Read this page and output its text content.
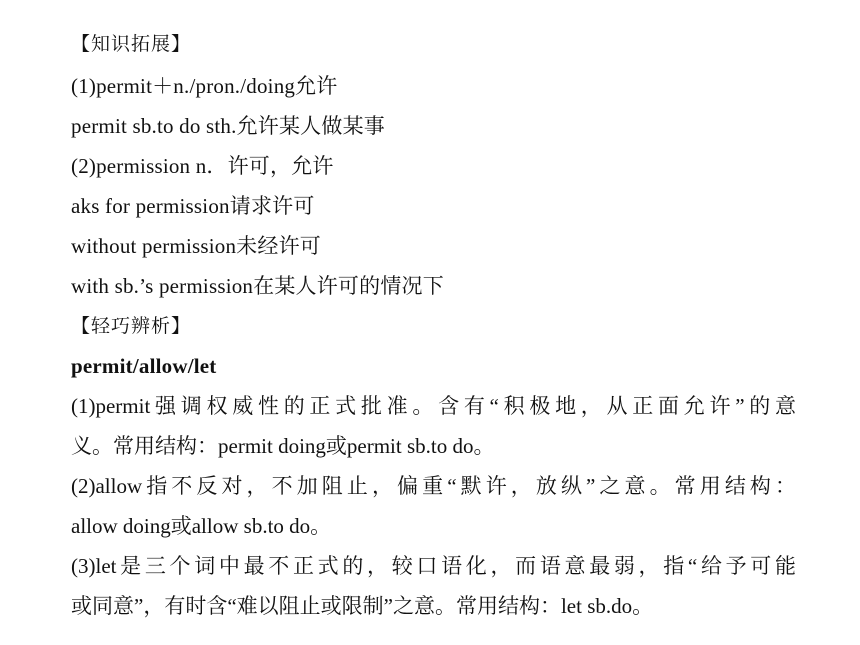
【知识拓展】
(1)permit＋n./pron./doing允许
permit sb.to do sth.允许某人做某事
(2)permission n．许可，允许
aks for permission请求许可
without permission未经许可
with sb.’s permission在某人许可的情况下
【轻巧辨析】
permit/allow/let
(1)permit强调权威性的正式批准。含有“积极地，从正面允许”的意
义。常用结构：permit doing或permit sb.to do。
(2)allow指不反对，不加阻止，偏重“默许，放纵”之意。常用结构：
allow doing或allow sb.to do。
(3)let是三个词中最不正式的，较口语化，而语意最弱，指“给予可能
或同意”，有时含“难以阻止或限制”之意。常用结构：let sb.do。
